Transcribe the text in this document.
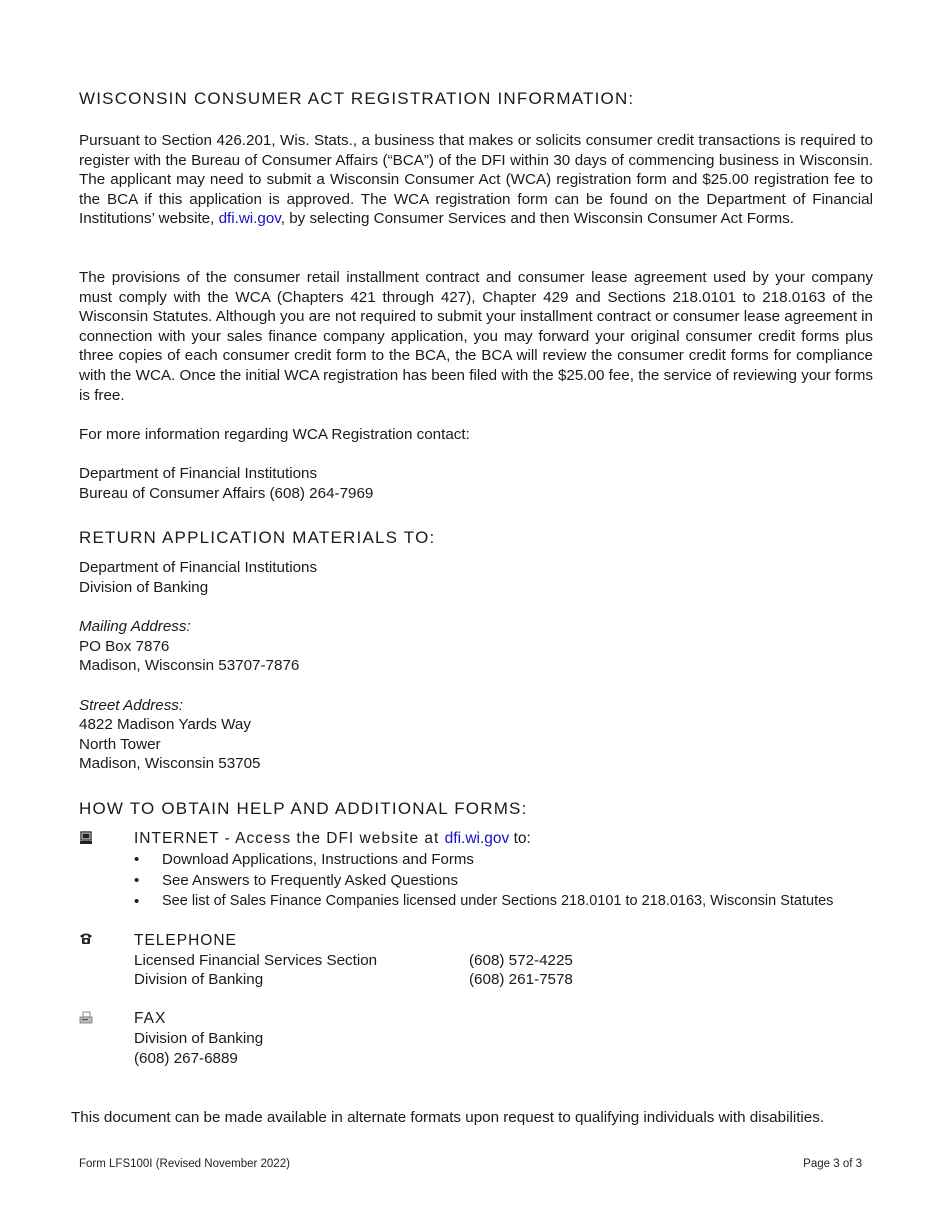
WISCONSIN CONSUMER ACT REGISTRATION INFORMATION:

Pursuant to Section 426.201, Wis. Stats., a business that makes or solicits consumer credit transactions is required to register with the Bureau of Consumer Affairs (“BCA”) of the DFI within 30 days of commencing business in Wisconsin. The applicant may need to submit a Wisconsin Consumer Act (WCA) registration form and $25.00 registration fee to the BCA if this application is approved. The WCA registration form can be found on the Department of Financial Institutions’ website, dfi.wi.gov, by selecting Consumer Services and then Wisconsin Consumer Act Forms.

The provisions of the consumer retail installment contract and consumer lease agreement used by your company must comply with the WCA (Chapters 421 through 427), Chapter 429 and Sections 218.0101 to 218.0163 of the Wisconsin Statutes. Although you are not required to submit your installment contract or consumer lease agreement in connection with your sales finance company application, you may forward your original consumer credit forms plus three copies of each consumer credit form to the BCA, the BCA will review the consumer credit forms for compliance with the WCA. Once the initial WCA registration has been filed with the $25.00 fee, the service of reviewing your forms is free.

For more information regarding WCA Registration contact:
Department of Financial Institutions
Bureau of Consumer Affairs (608) 264-7969
RETURN APPLICATION MATERIALS TO:
Department of Financial Institutions
Division of Banking
Mailing Address:
PO Box 7876
Madison, Wisconsin 53707-7876
Street Address:
4822 Madison Yards Way
North Tower
Madison, Wisconsin 53705
HOW TO OBTAIN HELP AND ADDITIONAL FORMS:
INTERNET - Access the DFI website at dfi.wi.gov to:
• Download Applications, Instructions and Forms
• See Answers to Frequently Asked Questions
• See list of Sales Finance Companies licensed under Sections 218.0101 to 218.0163, Wisconsin Statutes
TELEPHONE
Licensed Financial Services Section	(608) 572-4225
Division of Banking	(608) 261-7578
FAX
Division of Banking
(608) 267-6889
This document can be made available in alternate formats upon request to qualifying individuals with disabilities.
Form LFS100I (Revised November 2022)	Page 3 of 3
